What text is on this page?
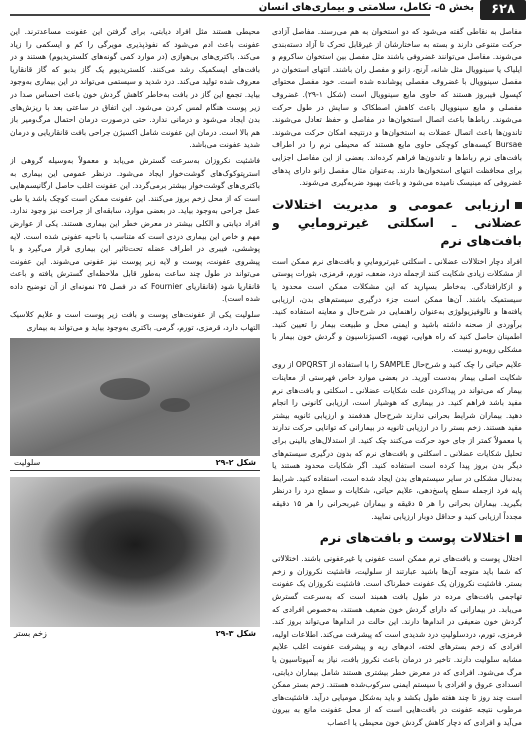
بخش ۵- تکامل، سلامتی و بیماری‌های انسان	۶۲۸

مفاصل به نقاطی گفته می‌شود که دو استخوان به هم می‌رسند. مفاصل آزادی حرکت متنوعی دارند و بسته به ساختارشان از غیرقابل تحرک تا آزاد دسته‌بندی می‌شوند. مفاصل می‌توانند غضروفی باشند مثل مفصل بین استخوان ساکروم و ایلیاک یا سینوویال مثل شانه، آرنج، زانو و مفصل ران باشند. انتهای استخوان در مفصل سینوویال با غضروف مفصلی پوشانده شده است. خود مفصل محتوای کپسول فیبروز هستند که حاوی مایع سینوویال است (شکل ۱-۲۹). غضروف مفصلی و مایع سینوویال باعث کاهش اصطکاک و سایش در طول حرکت می‌شوند. رباط‌ها باعث اتصال استخوان‌ها در مفاصل و حفظ تعادل می‌شوند. تاندون‌ها باعث اتصال عضلات به استخوان‌ها و درنتیجه امکان حرکت می‌شوند. Bursae کیسه‌های کوچکی حاوی مایع هستند که محیطی نرم را در اطراف بافت‌های نرم رباط‌ها و تاندون‌ها فراهم کرده‌اند. بعضی از این مفاصل اجزایی برای محافظت انتهای استخوان‌ها دارند. به‌عنوان مثال مفصل زانو دارای پدهای غضروفی که مینیسک نامیده می‌شود و باعث بهبود ضربه‌گیری می‌شوند.

ارزیابی عمومی و مدیریت اختلالات عضلانی ـ اسکلتی غیرتروماییِ و بافت‌های نرم

افراد دچار اختلالات عضلانی ـ اسکلتی غیرتروماییِ و بافت‌های نرم ممکن است از مشکلات زیادی شکایت کنند ازجمله درد، ضعف، تورم، قرمزی، بثورات پوستی و ازکارافتادگی. به‌خاطر بسپارید که این مشکلات ممکن است محدود یا سیستمیک باشند. آن‌ها ممکن است جزء درگیری سیستم‌های بدن، ارزیابی یافته‌ها و نالوفیزیولوژی به‌عنوان راهنمایی در شرح‌حال و معاینه استفاده کنید. برآوردی از صحنه داشته باشید و ایمنی محل و طبیعت بیمار را تعیین کنید. اطمینان حاصل کنید که راه هوایی، تهویه، اکسیژناسیون و گردش خون بیمار با مشکلی روبه‌رو نیست.

علایم حیاتی را چک کنید و شرح‌حال SAMPLE را با استفاده از OPQRST از روی شکایت اصلی بیمار به‌دست آورید. در بعضی موارد خاص فهرستی از معاینات بیمار که می‌تواند در پیداکردن علت شکایات عضلانی ـ اسکلتی و بافت‌های نرم مفید باشد فراهم کنید. در بیماری که هوشیار است، ارزیابی کانونی را انجام دهید. بیماران شرایط بحرانی ندارند شرح‌حال هدفمند و ارزیابی ثانویه بیشتر مفید هستند. زخم بستر را در ارزیابی ثانویه در بیمارانی که توانایی حرکت ندارند یا معمولاً کمتر از جای خود حرکت می‌کنند چک کنید. از استدلال‌های بالینی برای تحلیل شکایات عضلانی ـ اسکلتی و بافت‌های نرم که بدون درگیری سیستم‌های دیگر بدن بروز پیدا کرده است استفاده کنید. اگر شکایات محدود هستند یا به‌دنبال مشکلی در سایر سیستم‌های بدن ایجاد شده است، استفاده کنید. شرایط پایه فرد ازجمله سطح پاسخ‌دهی، علایم حیاتی، شکایات و سطح درد را درنظر بگیرید. بیماران بحرانی را هر ۵ دقیقه و بیماران غیربحرانی را هر ۱۵ دقیقه مجدداً ارزیابی کنید و حداقل دوبار ارزیابی نمایید.

اختلالات پوست و بافت‌های نرم

اختلال پوست و بافت‌های نرم ممکن است عفونی یا غیرعفونی باشند. اختلالاتی که شما باید متوجه آن‌ها باشید عبارتند از سلولیت، فاشئیت نکروزان و زخم بستر. فاشئیت نکروزان یک عفونت خطرناک است. فاشئیت نکروزان یک عفونت تهاجمی بافت‌های مرده در طول بافت همبند است که به‌سرعت گسترش می‌یابد. در بیمارانی که دارای گردش خون ضعیف هستند، به‌خصوص افرادی که گردش خون ضعیفی در اندام‌ها دارند. این حالت در اندام‌ها می‌تواند بروز کند. قرمزی، تورم، دردسلولیتِ درد شدیدی است که پیشرفت می‌کند. اطلاعات اولیه، افرادی که زخم بسترهای لخته، ادم‌های ریه و پیشرفت عفونت اغلب علایم مشابه سلولیت دارند. تاخیر در درمان باعث نکروز بافت، نیاز به آمپوتاسیون یا مرگ می‌شود. افرادی که در معرض خطر بیشتری هستند شامل بیماران دیابتی، انسدادی عروق و افرادی با سیستم ایمنی سرکوب‌شده هستند. زخم بستر ممکن است چند روز تا چند هفته طول بکشد و باید به‌شکل مومیایی درآید. فاشئیت‌های مرطوب نتیجه عفونت در بافت‌هایی است که از محل عفونت مانع به بیرون می‌آید و افرادی که دچار کاهش گردش خون محیطی یا اعصاب

محیطی هستند مثل افراد دیابتی، برای گرفتن این عفونت مساعدترند. این عفونت باعث ادم می‌شود که نفوذپذیری مویرگی را کم و ایسکمی را زیاد می‌کند. باکتری‌های بی‌هوازی (در موارد کمی گونه‌های کلستریدیوم) هستند و در بافت‌های ایسکمیک رشد می‌کنند. کلستریدیوم یک گاز بدبو که گاز قانقاریا معروف شده تولید می‌کند. درد شدید و سیستمی می‌تواند در این بیماری به‌وجود بیاید. تجمع این گاز در بافت به‌خاطر کاهش گردش خون باعث احساس صدا در زیر پوست هنگام لمس کردن می‌شود. این اتفاق در ساعتی بعد با ریزش‌های بدن ایجاد می‌شود و درمانی ندارد. حتی درصورت درمان احتمال مرگ‌ومیر باز هم بالا است. درمان این عفونت شامل اکسیژن جراحی بافت قانقاریایی و درمان شدید عفونت می‌باشد.

فاشئیت نکروزان به‌سرعت گسترش می‌یابد و معمولاً به‌وسیله گروهی از استرپتوکوک‌های گوشت‌خوار ایجاد می‌شود. درنظر عمومی این بیماری به باکتری‌های گوشت‌خوار بیشتر برمی‌گردد. این عفونت اغلب حاصل ارگانیسم‌هایی است که از محل زخم بروز می‌کنند. این عفونت ممکن است کوچک باشد یا طی عمل جراحی به‌وجود بیاید. در بعضی موارد، سابقه‌ای از جراحت نیز وجود ندارد. افراد دیابتی و الکلی بیشتر در معرض خطر این بیماری هستند. یکی از عوارض مهم و خاص این بیماری دردی است که متناسب با ناحیه عفونی شده است. لایه پوششی، فیبری در اطراف عضله تحت‌تاثیر این بیماری قرار می‌گیرد و با پیشروی عفونت، پوست و لایه زیر پوست نیز عفونی می‌شوند. این عفونت می‌تواند در طول چند ساعت به‌طور قابل ملاحظه‌ای گسترش یافته و باعث قانقاریا شود (قانقاریای Fournier که در فصل ۲۵ نمونه‌ای از آن توضیح داده شده است).

سلولیت یکی از عفونت‌های پوست و بافت زیر پوست است و علایم کلاسیک التهاب دارد، قرمزی، تورم، گرمی. باکتری به‌وجود بیاید و می‌تواند به بیماری

شکل ۲-۲۹
سلولیت
شکل ۳-۲۹
زخم بستر
